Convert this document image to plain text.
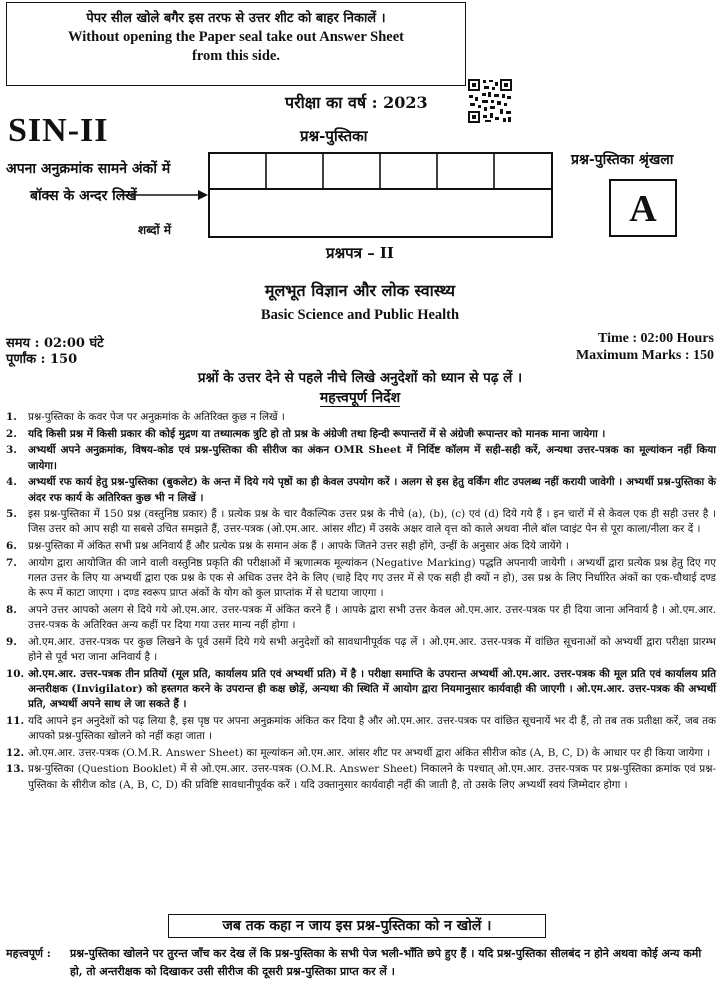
पेपर सील खोले बगैर इस तरफ से उत्तर शीट को बाहर निकालें ।
Without opening the Paper seal take out Answer Sheet
from this side.
परीक्षा का वर्ष : 2023
प्रश्न-पुस्तिका
SIN-II
अपना अनुक्रमांक सामने अंकों में
बॉक्स के अन्दर लिखें
शब्दों में
प्रश्न-पुस्तिका श्रृंखला
A
प्रश्नपत्र – II
मूलभूत विज्ञान और लोक स्वास्थ्य
Basic Science and Public Health
समय : 02:00 घंटे
पूर्णांक : 150
Time : 02:00 Hours
Maximum Marks : 150
प्रश्नों के उत्तर देने से पहले नीचे लिखे अनुदेशों को ध्यान से पढ़ लें ।
महत्त्वपूर्ण निर्देश
1.	प्रश्न-पुस्तिका के कवर पेज पर अनुक्रमांक के अतिरिक्त कुछ न लिखें ।
2.	यदि किसी प्रश्न में किसी प्रकार की कोई मुद्रण या तथ्यात्मक त्रुटि हो तो प्रश्न के अंग्रेजी तथा हिन्दी रूपान्तरों में से अंग्रेजी रूपान्तर को मानक माना जायेगा ।
3.	अभ्यर्थी अपने अनुक्रमांक, विषय-कोड एवं प्रश्न-पुस्तिका की सीरीज का अंकन OMR Sheet में निर्दिष्ट कॉलम में सही-सही करें, अन्यथा उत्तर-पत्रक का मूल्यांकन नहीं किया जायेगा।
4.	अभ्यर्थी रफ कार्य हेतु प्रश्न-पुस्तिका (बुकलेट) के अन्त में दिये गये पृष्ठों का ही केवल उपयोग करें । अलग से इस हेतु वर्किंग शीट उपलब्ध नहीं करायी जावेगी । अभ्यर्थी प्रश्न-पुस्तिका के अंदर रफ कार्य के अतिरिक्त कुछ भी न लिखें ।
5.	इस प्रश्न-पुस्तिका में 150 प्रश्न (वस्तुनिष्ठ प्रकार) हैं । प्रत्येक प्रश्न के चार वैकल्पिक उत्तर प्रश्न के नीचे (a), (b), (c) एवं (d) दिये गये हैं । इन चारों में से केवल एक ही सही उत्तर है । जिस उत्तर को आप सही या सबसे उचित समझते हैं, उत्तर-पत्रक (ओ.एम.आर. आंसर शीट) में उसके अक्षर वाले वृत्त को काले अथवा नीले बॉल प्वाइंट पेन से पूरा काला/नीला कर दें ।
6.	प्रश्न-पुस्तिका में अंकित सभी प्रश्न अनिवार्य हैं और प्रत्येक प्रश्न के समान अंक हैं । आपके जितने उत्तर सही होंगे, उन्हीं के अनुसार अंक दिये जायेंगे ।
7.	आयोग द्वारा आयोजित की जाने वाली वस्तुनिष्ठ प्रकृति की परीक्षाओं में ऋणात्मक मूल्यांकन (Negative Marking) पद्धति अपनायी जायेगी । अभ्यर्थी द्वारा प्रत्येक प्रश्न हेतु दिए गए गलत उत्तर के लिए या अभ्यर्थी द्वारा एक प्रश्न के एक से अधिक उत्तर देने के लिए (चाहे दिए गए उत्तर में से एक सही ही क्यों न हो), उस प्रश्न के लिए निर्धारित अंकों का एक-चौथाई दण्ड के रूप में काटा जाएगा । दण्ड स्वरूप प्राप्त अंकों के योग को कुल प्राप्तांक में से घटाया जाएगा ।
8.	अपने उत्तर आपको अलग से दिये गये ओ.एम.आर. उत्तर-पत्रक में अंकित करने हैं । आपके द्वारा सभी उत्तर केवल ओ.एम.आर. उत्तर-पत्रक पर ही दिया जाना अनिवार्य है । ओ.एम.आर. उत्तर-पत्रक के अतिरिक्त अन्य कहीं पर दिया गया उत्तर मान्य नहीं होगा ।
9.	ओ.एम.आर. उत्तर-पत्रक पर कुछ लिखने के पूर्व उसमें दिये गये सभी अनुदेशों को सावधानीपूर्वक पढ़ लें । ओ.एम.आर. उत्तर-पत्रक में वांछित सूचनाओं को अभ्यर्थी द्वारा परीक्षा प्रारम्भ होने से पूर्व भरा जाना अनिवार्य है ।
10. ओ.एम.आर. उत्तर-पत्रक तीन प्रतियों (मूल प्रति, कार्यालय प्रति एवं अभ्यर्थी प्रति) में है । परीक्षा समाप्ति के उपरान्त अभ्यर्थी ओ.एम.आर. उत्तर-पत्रक की मूल प्रति एवं कार्यालय प्रति अन्तरीक्षक (Invigilator) को हस्तगत करने के उपरान्त ही कक्ष छोड़ें, अन्यथा की स्थिति में आयोग द्वारा नियमानुसार कार्यवाही की जाएगी । ओ.एम.आर. उत्तर-पत्रक की अभ्यर्थी प्रति, अभ्यर्थी अपने साथ ले जा सकते हैं ।
11. यदि आपने इन अनुदेशों को पढ़ लिया है, इस पृष्ठ पर अपना अनुक्रमांक अंकित कर दिया है और ओ.एम.आर. उत्तर-पत्रक पर वांछित सूचनायें भर दी हैं, तो तब तक प्रतीक्षा करें, जब तक आपको प्रश्न-पुस्तिका खोलने को नहीं कहा जाता ।
12. ओ.एम.आर. उत्तर-पत्रक (O.M.R. Answer Sheet) का मूल्यांकन ओ.एम.आर. आंसर शीट पर अभ्यर्थी द्वारा अंकित सीरीज कोड (A, B, C, D) के आधार पर ही किया जायेगा ।
13. प्रश्न-पुस्तिका (Question Booklet) में से ओ.एम.आर. उत्तर-पत्रक (O.M.R. Answer Sheet) निकालने के पश्चात् ओ.एम.आर. उत्तर-पत्रक पर प्रश्न-पुस्तिका क्रमांक एवं प्रश्न-पुस्तिका के सीरीज कोड (A, B, C, D) की प्रविष्टि सावधानीपूर्वक करें । यदि उक्तानुसार कार्यवाही नहीं की जाती है, तो उसके लिए अभ्यर्थी स्वयं जिम्मेदार होगा ।
जब तक कहा न जाय इस प्रश्न-पुस्तिका को न खोलें ।
महत्त्वपूर्ण :	प्रश्न-पुस्तिका खोलने पर तुरन्त जाँच कर देख लें कि प्रश्न-पुस्तिका के सभी पेज भली-भाँति छपे हुए हैं । यदि प्रश्न-पुस्तिका सीलबंद न होने अथवा कोई अन्य कमी हो, तो अन्तरीक्षक को दिखाकर उसी सीरीज की दूसरी प्रश्न-पुस्तिका प्राप्त कर लें ।
